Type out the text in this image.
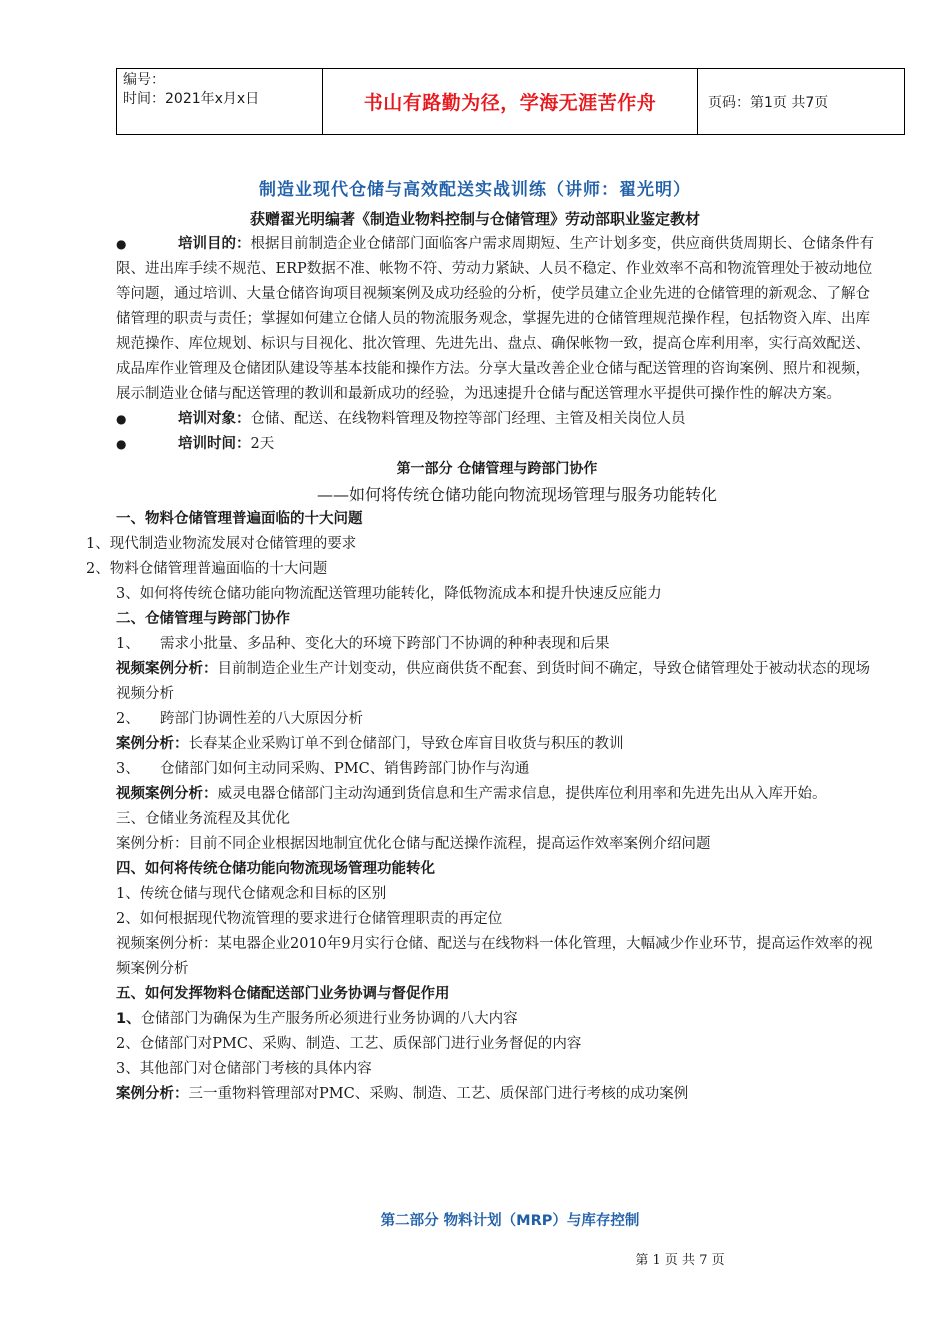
编号：
时间：2021年x月x日	书山有路勤为径，学海无涯苦作舟	页码：第1页 共7页
制造业现代仓储与高效配送实战训练（讲师：翟光明）
获赠翟光明编著《制造业物料控制与仓储管理》劳动部职业鉴定教材

●	培训目的：根据目前制造企业仓储部门面临客户需求周期短、生产计划多变，供应商供货周期长、仓储条件有限、进出库手续不规范、ERP数据不准、帐物不符、劳动力紧缺、人员不稳定、作业效率不高和物流管理处于被动地位等问题，通过培训、大量仓储咨询项目视频案例及成功经验的分析，使学员建立企业先进的仓储管理的新观念、了解仓储管理的职责与责任；掌握如何建立仓储人员的物流服务观念，掌握先进的仓储管理规范操作程，包括物资入库、出库规范操作、库位规划、标识与目视化、批次管理、先进先出、盘点、确保帐物一致，提高仓库利用率，实行高效配送、成品库作业管理及仓储团队建设等基本技能和操作方法。分享大量改善企业仓储与配送管理的咨询案例、照片和视频，展示制造业仓储与配送管理的教训和最新成功的经验，为迅速提升仓储与配送管理水平提供可操作性的解决方案。

●	培训对象：仓储、配送、在线物料管理及物控等部门经理、主管及相关岗位人员

●	培训时间：2天

第一部分 仓储管理与跨部门协作

——如何将传统仓储功能向物流现场管理与服务功能转化

一、物料仓储管理普遍面临的十大问题

1、现代制造业物流发展对仓储管理的要求

2、物料仓储管理普遍面临的十大问题

3、如何将传统仓储功能向物流配送管理功能转化，降低物流成本和提升快速反应能力

二、仓储管理与跨部门协作

1、 需求小批量、多品种、变化大的环境下跨部门不协调的种种表现和后果

视频案例分析：目前制造企业生产计划变动，供应商供货不配套、到货时间不确定，导致仓储管理处于被动状态的现场视频分析

2、 跨部门协调性差的八大原因分析

案例分析：长春某企业采购订单不到仓储部门，导致仓库盲目收货与积压的教训

3、 仓储部门如何主动同采购、PMC、销售跨部门协作与沟通

视频案例分析：威灵电器仓储部门主动沟通到货信息和生产需求信息，提供库位利用率和先进先出从入库开始。

三、仓储业务流程及其优化

案例分析：目前不同企业根据因地制宜优化仓储与配送操作流程，提高运作效率案例介绍问题

四、如何将传统仓储功能向物流现场管理功能转化

1、传统仓储与现代仓储观念和目标的区别

2、如何根据现代物流管理的要求进行仓储管理职责的再定位

视频案例分析：某电器企业2010年9月实行仓储、配送与在线物料一体化管理，大幅减少作业环节，提高运作效率的视频案例分析

五、如何发挥物料仓储配送部门业务协调与督促作用

1、仓储部门为确保为生产服务所必须进行业务协调的八大内容

2、仓储部门对PMC、采购、制造、工艺、质保部门进行业务督促的内容

3、其他部门对仓储部门考核的具体内容

案例分析：三一重物料管理部对PMC、采购、制造、工艺、质保部门进行考核的成功案例

第二部分 物料计划（MRP）与库存控制
第 1 页 共 7 页
